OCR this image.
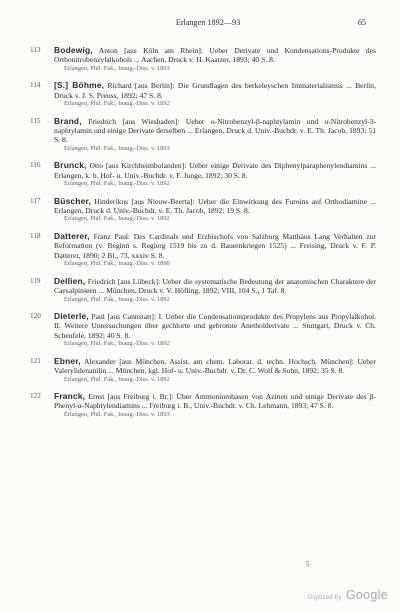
Erlangen 1892—93	65
113 Bodewig, Anton [aus Köln am Rhein]: Ueber Derivate und Kondensations-Produkte des Orthonitrobenzylalkohols ... Aachen, Druck v. H. Kaatzer, 1893; 40 S. 8.

Erlangen, Phil. Fak., Inaug.-Diss. v. 1893

114 [S.] Böhme, Richard [aus Berlin]: Die Grundlagen des berkeleyschen Immaterialismus ... Berlin, Druck v. J. S. Preuss, 1892; 47 S. 8.

Erlangen, Phil. Fak., Inaug.-Diss. v. 1892

115 Brand, Friedrich [aus Wiesbaden]: Ueber o-Nitrobenzyl-β-naphtylamin und o-Nitrobenzyl-3-naphtylamin und einige Derivate derselben ... Erlangen, Druck d. Univ.-Buchdr. v. E. Th. Jacob, 1893; 51 S. 8.

Erlangen, Phil. Fak., Inaug.-Diss. v. 1893

116 Brunck, Otto [aus Kirchheimbolanden]: Ueber einige Derivate des Diphenylparaphenylendiamins ... Erlangen, k. b. Hof- u. Univ.-Buchdr. v. F. Junge, 1892; 30 S. 8.

Erlangen, Phil. Fak., Inaug.-Diss. v. 1892

117 Büscher, Hinderikus [aus Nieuw-Beerta]: Ueber die Einwirkung des Furoins auf Orthodiamine ... Erlangen, Druck d. Univ.-Buchdr. v. E. Th. Jacob, 1892; 19 S. 8.

Erlangen, Phil. Fak., Inaug.-Diss. v. 1892

118 Datterer, Franz Paul: Des Cardinals und Erzbischofs von Salzburg Matthäus Lang Verhalten zur Reformation (v. Beginn s. Regierg 1519 bis zu d. Bauernkriegen 1525) ... Freising, Druck v. F. P. Datterer, 1890; 2 Bl., 73, xxxiv S. 8.

Erlangen, Phil. Fak., Inaug.-Diss. v. 1890

119 Dellien, Friedrich [aus Lübeck]: Ueber die systematische Bedeutung der anatomischen Charaktere der Caesalpinieen ... München, Druck v. V. Höfling, 1892; VIII, 104 S., 1 Taf. 8.

Erlangen, Phil. Fak., Inaug.-Diss. v. 1892

120 Dieterle, Paul [aus Cannstatt]: I. Ueber die Condensationsprodukte des Propylens aus Propylalkohol. II. Weitere Untersuchungen über gechlorte und gebromte Anetholderivate ... Stuttgart, Druck v. Ch. Scheufele, 1892; 40 S. 8.

Erlangen, Phil. Fak., Inaug.-Diss. v. 1892

121 Ebner, Alexander [aus München, Assist. am chem. Laborat. d. techn. Hochsch. München]: Ueber Valerylidenanilin ... München, kgl. Hof- u. Univ.-Buchdr. v. Dr. C. Wolf & Sohn, 1892; 35 S. 8.

Erlangen, Phil. Fak., Inaug.-Diss. v. 1892

122 Franck, Ernst [aus Freiburg i. Br.]: Über Ammoniumbasen von Azinen und einige Derivate des β-Phenyl-α-Naphtylendiamins ... Freiburg i. B., Univ.-Buchdr. v. Ch. Lehmann, 1893; 47 S. 8.

Erlangen, Phil. Fak., Inaug.-Diss. v. 1893

5
Digitized by Google
